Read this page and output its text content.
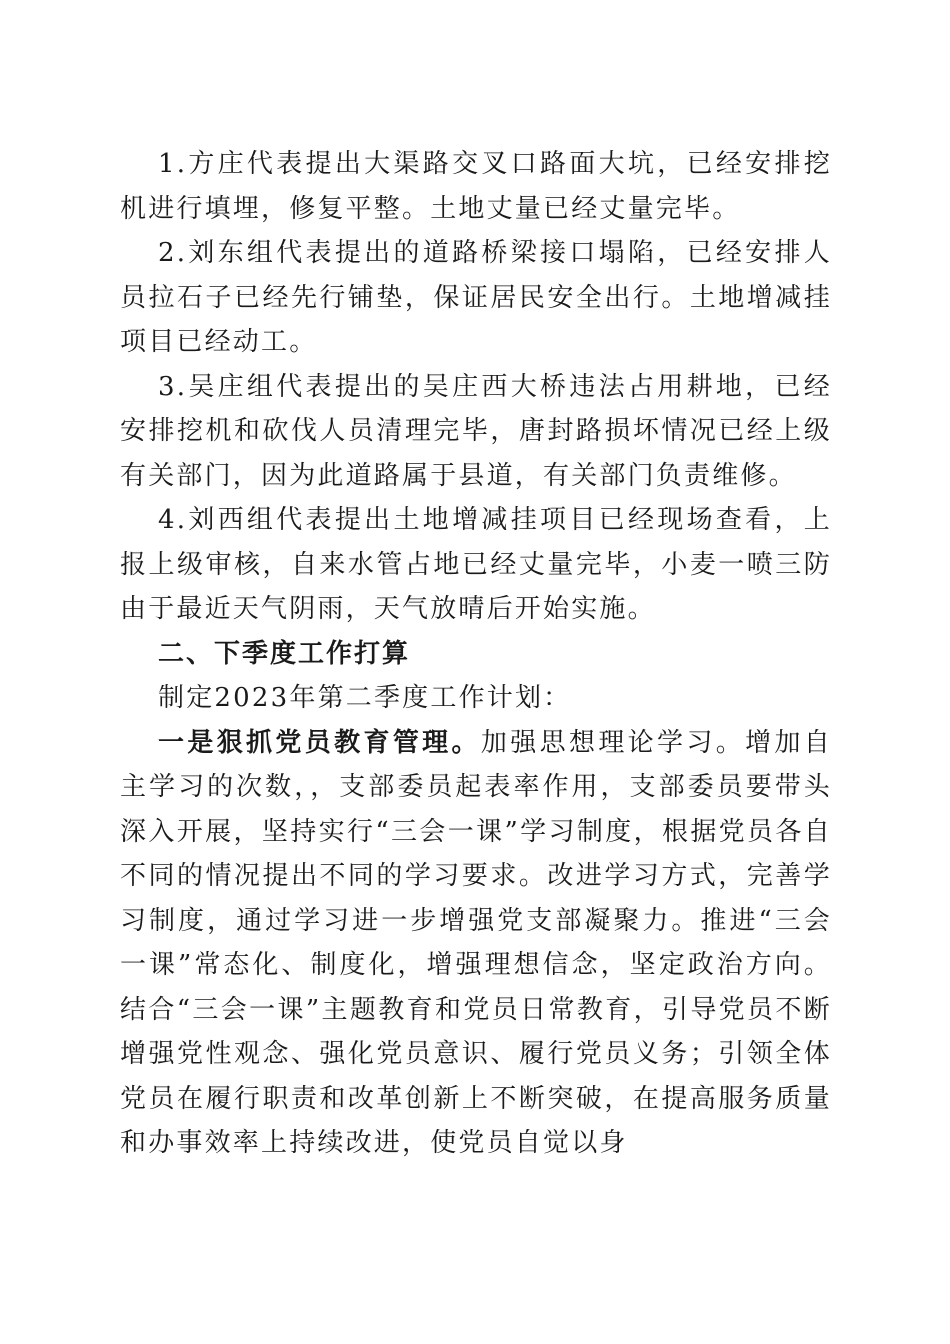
1.方庄代表提出大渠路交叉口路面大坑，已经安排挖机进行填埋，修复平整。土地丈量已经丈量完毕。

2.刘东组代表提出的道路桥梁接口塌陷，已经安排人员拉石子已经先行铺垫，保证居民安全出行。土地增减挂项目已经动工。

3.吴庄组代表提出的吴庄西大桥违法占用耕地，已经安排挖机和砍伐人员清理完毕，唐封路损坏情况已经上级有关部门，因为此道路属于县道，有关部门负责维修。

4.刘西组代表提出土地增减挂项目已经现场查看，上报上级审核，自来水管占地已经丈量完毕，小麦一喷三防由于最近天气阴雨，天气放晴后开始实施。

二、下季度工作打算

制定2023年第二季度工作计划：

一是狠抓党员教育管理。加强思想理论学习。增加自主学习的次数，，支部委员起表率作用，支部委员要带头深入开展，坚持实行“三会一课”学习制度，根据党员各自不同的情况提出不同的学习要求。改进学习方式，完善学习制度，通过学习进一步增强党支部凝聚力。推进“三会一课”常态化、制度化，增强理想信念，坚定政治方向。结合“三会一课”主题教育和党员日常教育，引导党员不断增强党性观念、强化党员意识、履行党员义务；引领全体党员在履行职责和改革创新上不断突破，在提高服务质量和办事效率上持续改进，使党员自觉以身
